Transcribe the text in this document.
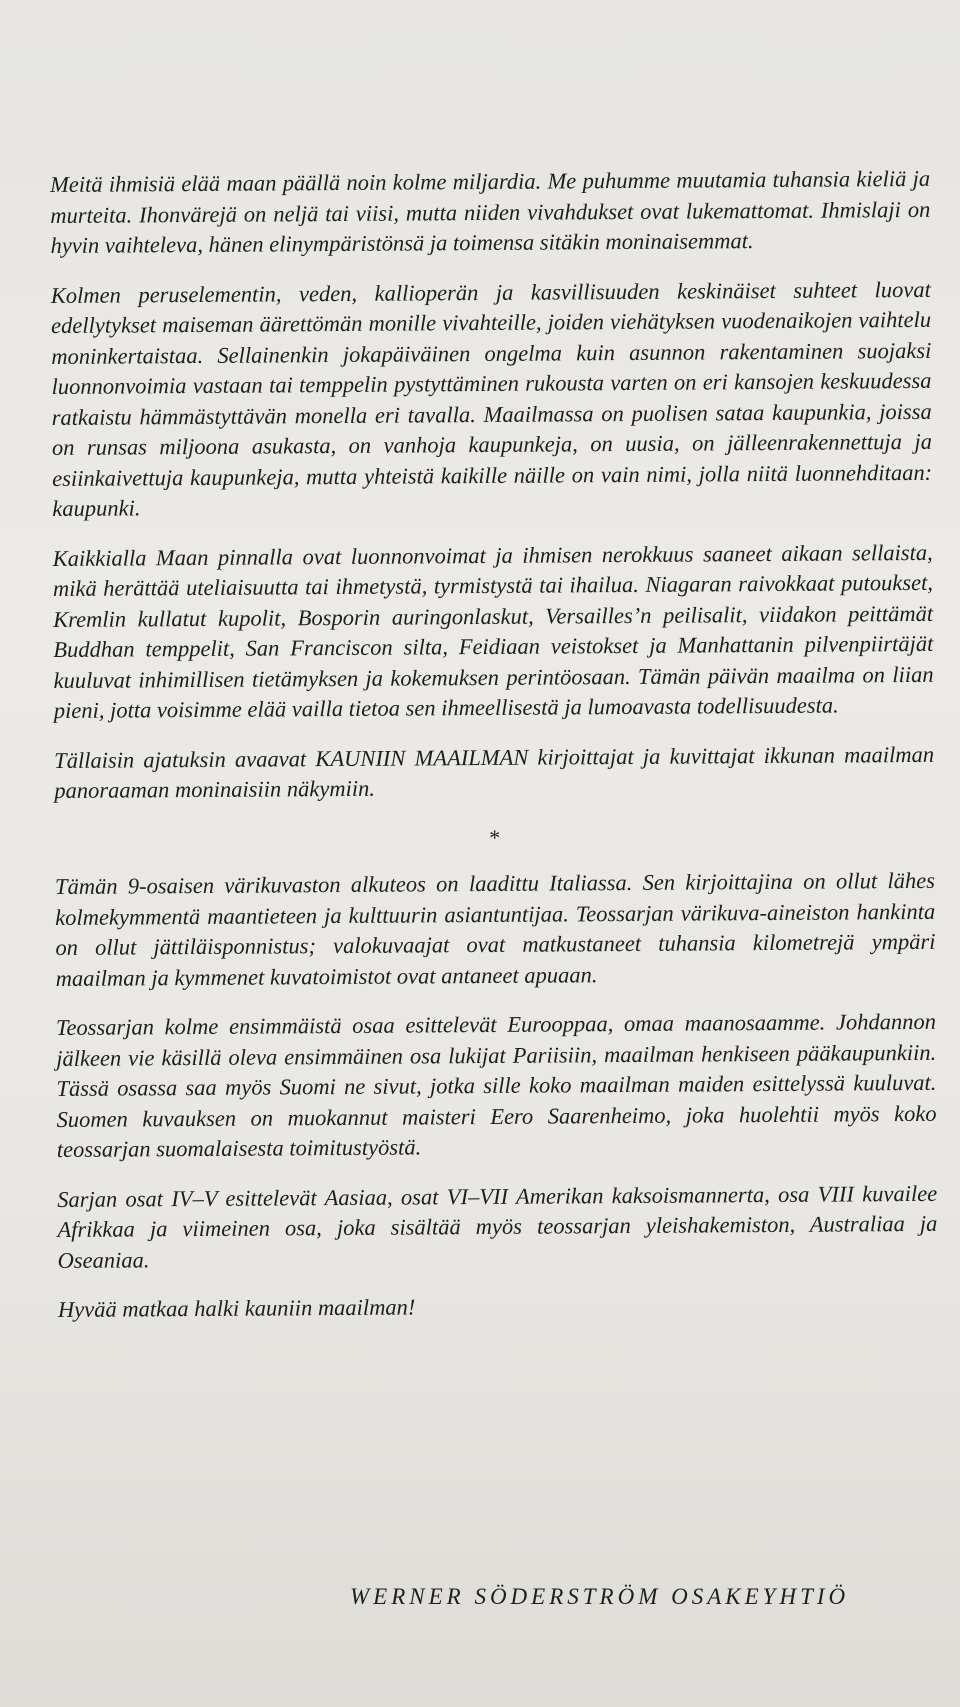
Meitä ihmisiä elää maan päällä noin kolme miljardia. Me puhumme muutamia tuhansia kieliä ja murteita. Ihonvärejä on neljä tai viisi, mutta niiden vivahdukset ovat lukemattomat. Ihmislaji on hyvin vaihteleva, hänen elinympäristönsä ja toimensa sitäkin moninaisemmat.

Kolmen peruselementin, veden, kallioperän ja kasvillisuuden keskinäiset suhteet luovat edellytykset maiseman äärettömän monille vivahteille, joiden viehätyksen vuodenaikojen vaihtelu moninkertaistaa. Sellainenkin jokapäiväinen ongelma kuin asunnon rakentaminen suojaksi luonnonvoimia vastaan tai temppelin pystyttäminen rukousta varten on eri kansojen keskuudessa ratkaistu hämmästyttävän monella eri tavalla. Maailmassa on puolisen sataa kaupunkia, joissa on runsas miljoona asukasta, on vanhoja kaupunkeja, on uusia, on jälleenrakennettuja ja esiinkaivettuja kaupunkeja, mutta yhteistä kaikille näille on vain nimi, jolla niitä luonnehditaan: kaupunki.

Kaikkialla Maan pinnalla ovat luonnonvoimat ja ihmisen nerokkuus saaneet aikaan sellaista, mikä herättää uteliaisuutta tai ihmetystä, tyrmistystä tai ihailua. Niagaran raivokkaat putoukset, Kremlin kullatut kupolit, Bosporin auringonlaskut, Versailles’n peilisalit, viidakon peittämät Buddhan temppelit, San Franciscon silta, Feidiaan veistokset ja Manhattanin pilvenpiirtäjät kuuluvat inhimillisen tietämyksen ja kokemuksen perintöosaan. Tämän päivän maailma on liian pieni, jotta voisimme elää vailla tietoa sen ihmeellisestä ja lumoavasta todellisuudesta.

Tällaisin ajatuksin avaavat KAUNIIN MAAILMAN kirjoittajat ja kuvittajat ikkunan maailman panoraaman moninaisiin näkymiin.

*

Tämän 9-osaisen värikuvaston alkuteos on laadittu Italiassa. Sen kirjoittajina on ollut lähes kolmekymmentä maantieteen ja kulttuurin asiantuntijaa. Teossarjan värikuva-aineiston hankinta on ollut jättiläisponnistus; valokuvaajat ovat matkustaneet tuhansia kilometrejä ympäri maailman ja kymmenet kuvatoimistot ovat antaneet apuaan.

Teossarjan kolme ensimmäistä osaa esittelevät Eurooppaa, omaa maanosaamme. Johdannon jälkeen vie käsillä oleva ensimmäinen osa lukijat Pariisiin, maailman henkiseen pääkaupunkiin. Tässä osassa saa myös Suomi ne sivut, jotka sille koko maailman maiden esittelyssä kuuluvat. Suomen kuvauksen on muokannut maisteri Eero Saarenheimo, joka huolehtii myös koko teossarjan suomalaisesta toimitustyöstä.

Sarjan osat IV–V esittelevät Aasiaa, osat VI–VII Amerikan kaksoismannerta, osa VIII kuvailee Afrikkaa ja viimeinen osa, joka sisältää myös teossarjan yleishakemiston, Australiaa ja Oseaniaa.

Hyvää matkaa halki kauniin maailman!

WERNER SÖDERSTRÖM OSAKEYHTIÖ
